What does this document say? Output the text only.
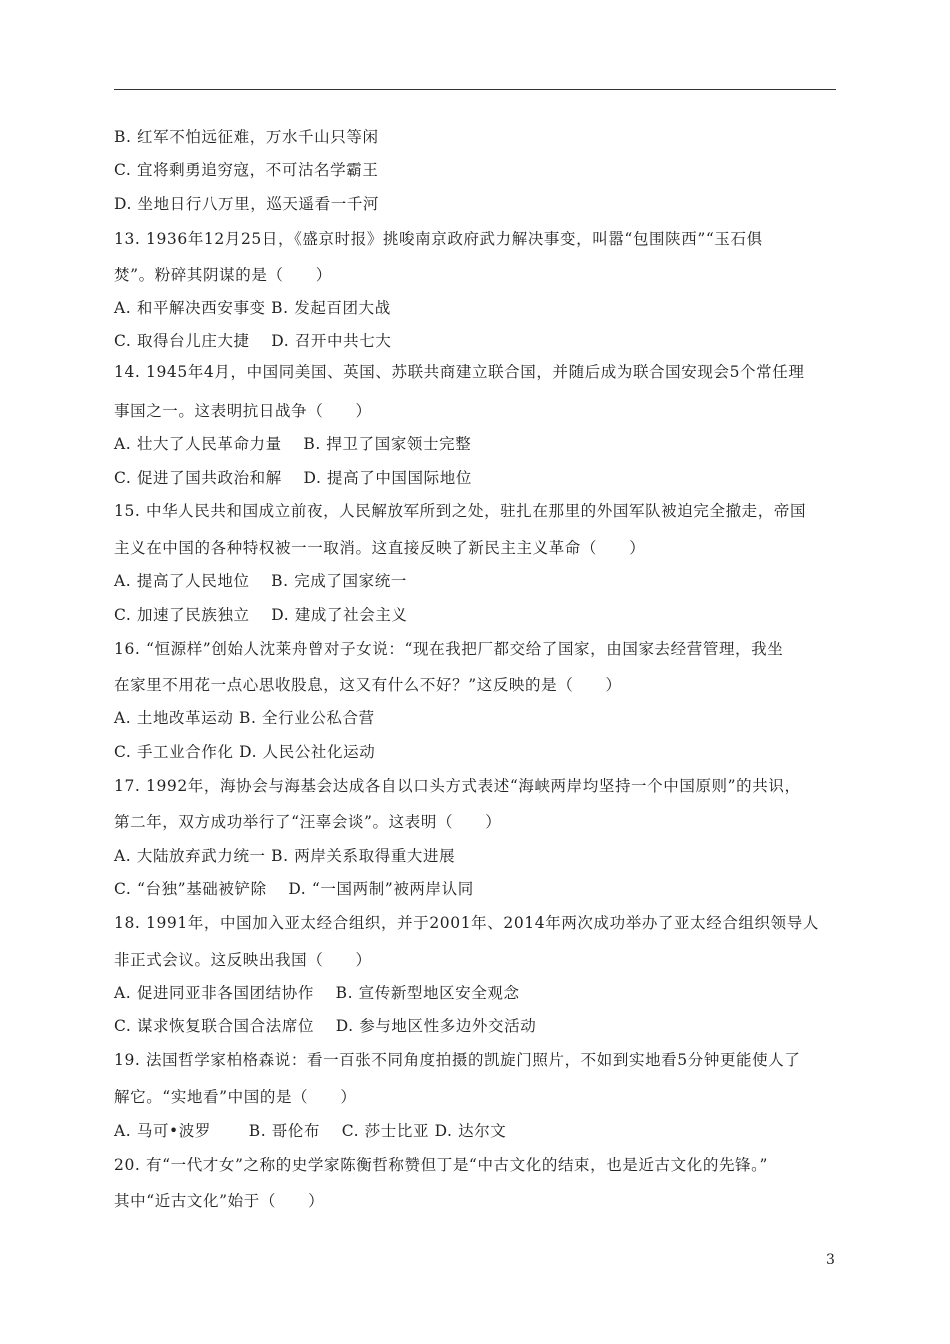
B. 红军不怕远征难，万水千山只等闲
C. 宜将剩勇追穷寇，不可沽名学霸王
D. 坐地日行八万里，巡天遥看一千河
13. 1936年12月25日，《盛京时报》挑唆南京政府武力解决事变，叫嚣“包围陕西”“玉石俱
焚”。粉碎其阴谋的是（　　）
A. 和平解决西安事变 B. 发起百团大战
C. 取得台儿庄大捷　 D. 召开中共七大
14. 1945年4月，中国同美国、英国、苏联共商建立联合国，并随后成为联合国安现会5个常任理
事国之一。这表明抗日战争（　　）
A. 壮大了人民革命力量　 B. 捍卫了国家领士完整
C. 促进了国共政治和解　 D. 提高了中国国际地位
15. 中华人民共和国成立前夜，人民解放军所到之处，驻扎在那里的外国军队被迫完全撤走，帝国
主义在中国的各种特权被一一取消。这直接反映了新民主主义革命（　　）
A. 提高了人民地位　 B. 完成了国家统一
C. 加速了民族独立　 D. 建成了社会主义
16. “恒源样”创始人沈莱舟曾对子女说：“现在我把厂都交给了国家，由国家去经营管理，我坐
在家里不用花一点心思收股息，这又有什么不好？”这反映的是（　　）
A. 土地改革运动 B. 全行业公私合营
C. 手工业合作化 D. 人民公社化运动
17. 1992年，海协会与海基会达成各自以口头方式表述“海峡两岸均坚持一个中国原则”的共识，
第二年，双方成功举行了“汪辜会谈”。这表明（　　）
A. 大陆放弃武力统一 B. 两岸关系取得重大进展
C. “台独”基础被铲除　 D. “一国两制”被两岸认同
18. 1991年，中国加入亚太经合组织，并于2001年、2014年两次成功举办了亚太经合组织领导人
非正式会议。这反映出我国（　　）
A. 促进同亚非各国团结协作　 B. 宣传新型地区安全观念
C. 谋求恢复联合国合法席位　 D. 参与地区性多边外交活动
19. 法国哲学家柏格森说：看一百张不同角度拍摄的凯旋门照片，不如到实地看5分钟更能使人了
解它。“实地看”中国的是（　　）
A. 马可•波罗　　 B. 哥伦布　 C. 莎士比亚 D. 达尔文
20. 有“一代才女”之称的史学家陈衡哲称赞但丁是“中古文化的结束，也是近古文化的先锋。”
其中“近古文化”始于（　　）
3
